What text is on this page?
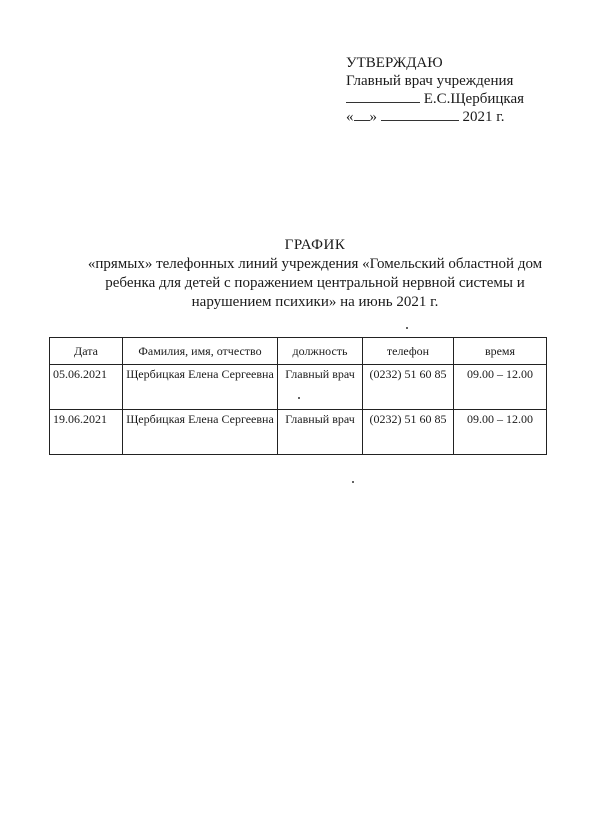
УТВЕРЖДАЮ
Главный врач учреждения
Е.С.Щербицкая
« »	2021 г.
ГРАФИК
«прямых» телефонных линий учреждения «Гомельский областной дом
ребенка для детей с поражением центральной нервной системы и
нарушением психики» на июнь 2021 г.
Дата	Фамилия, имя, отчество	должность	телефон	время
05.06.2021	Щербицкая Елена Сергеевна	Главный врач	(0232) 51 60 85	09.00 – 12.00
19.06.2021	Щербицкая Елена Сергеевна	Главный врач	(0232) 51 60 85	09.00 – 12.00
